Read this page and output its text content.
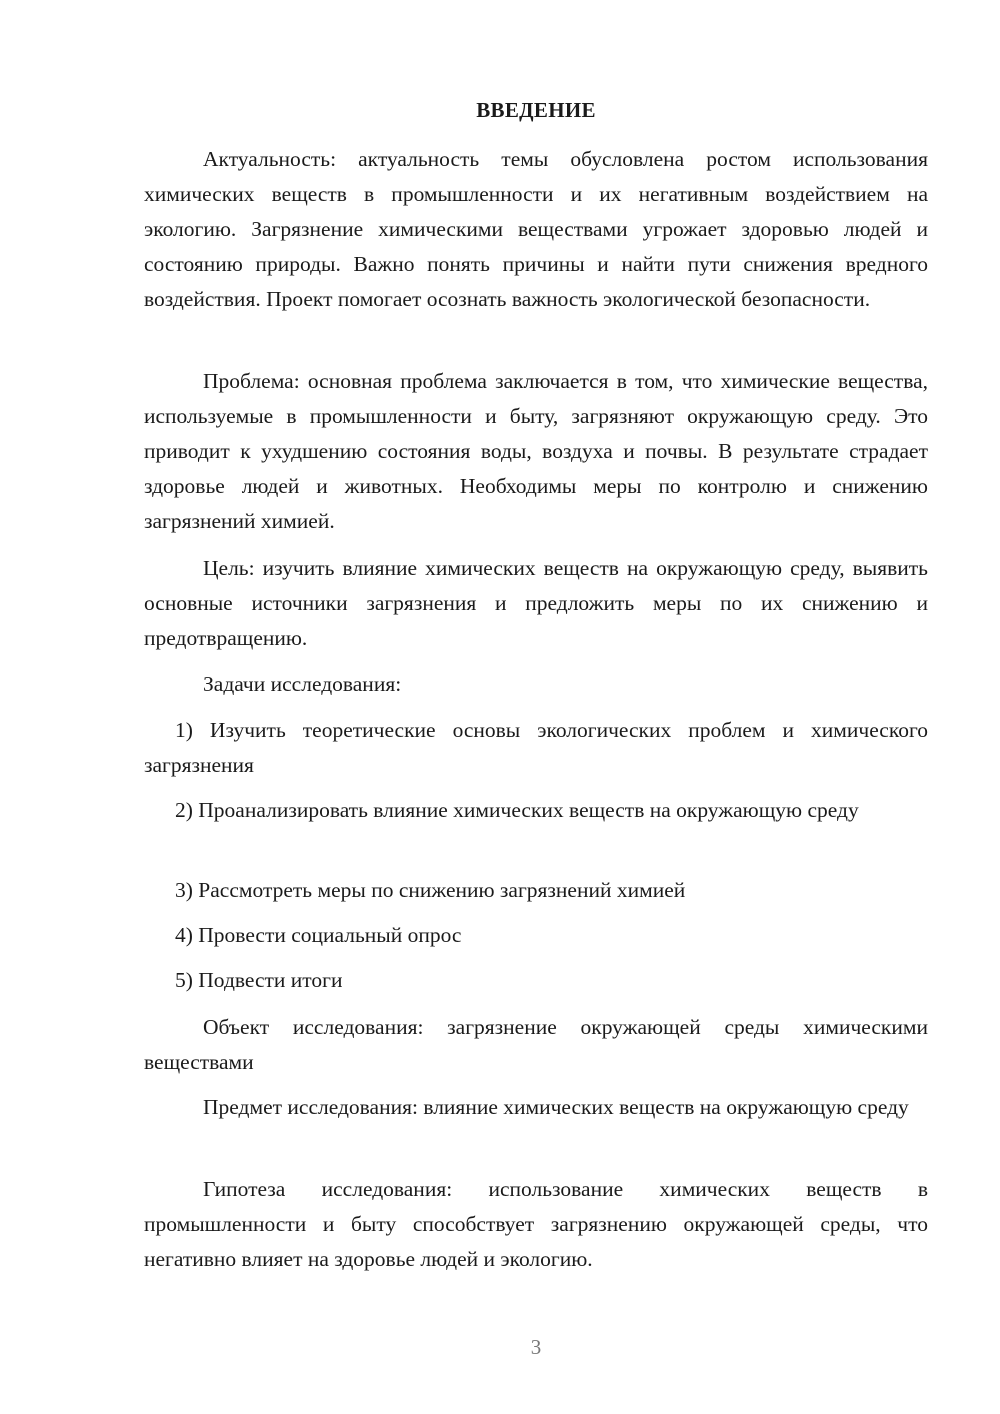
ВВЕДЕНИЕ

Актуальность: актуальность темы обусловлена ростом использования химических веществ в промышленности и их негативным воздействием на экологию. Загрязнение химическими веществами угрожает здоровью людей и состоянию природы. Важно понять причины и найти пути снижения вредного воздействия. Проект помогает осознать важность экологической безопасности.

Проблема: основная проблема заключается в том, что химические вещества, используемые в промышленности и быту, загрязняют окружающую среду. Это приводит к ухудшению состояния воды, воздуха и почвы. В результате страдает здоровье людей и животных. Необходимы меры по контролю и снижению загрязнений химией.

Цель: изучить влияние химических веществ на окружающую среду, выявить основные источники загрязнения и предложить меры по их снижению и предотвращению.

Задачи исследования:

1) Изучить теоретические основы экологических проблем и химического загрязнения

2) Проанализировать влияние химических веществ на окружающую среду

3) Рассмотреть меры по снижению загрязнений химией

4) Провести социальный опрос

5) Подвести итоги

Объект исследования: загрязнение окружающей среды химическими веществами

Предмет исследования: влияние химических веществ на окружающую среду

Гипотеза исследования: использование химических веществ в промышленности и быту способствует загрязнению окружающей среды, что негативно влияет на здоровье людей и экологию.

3
